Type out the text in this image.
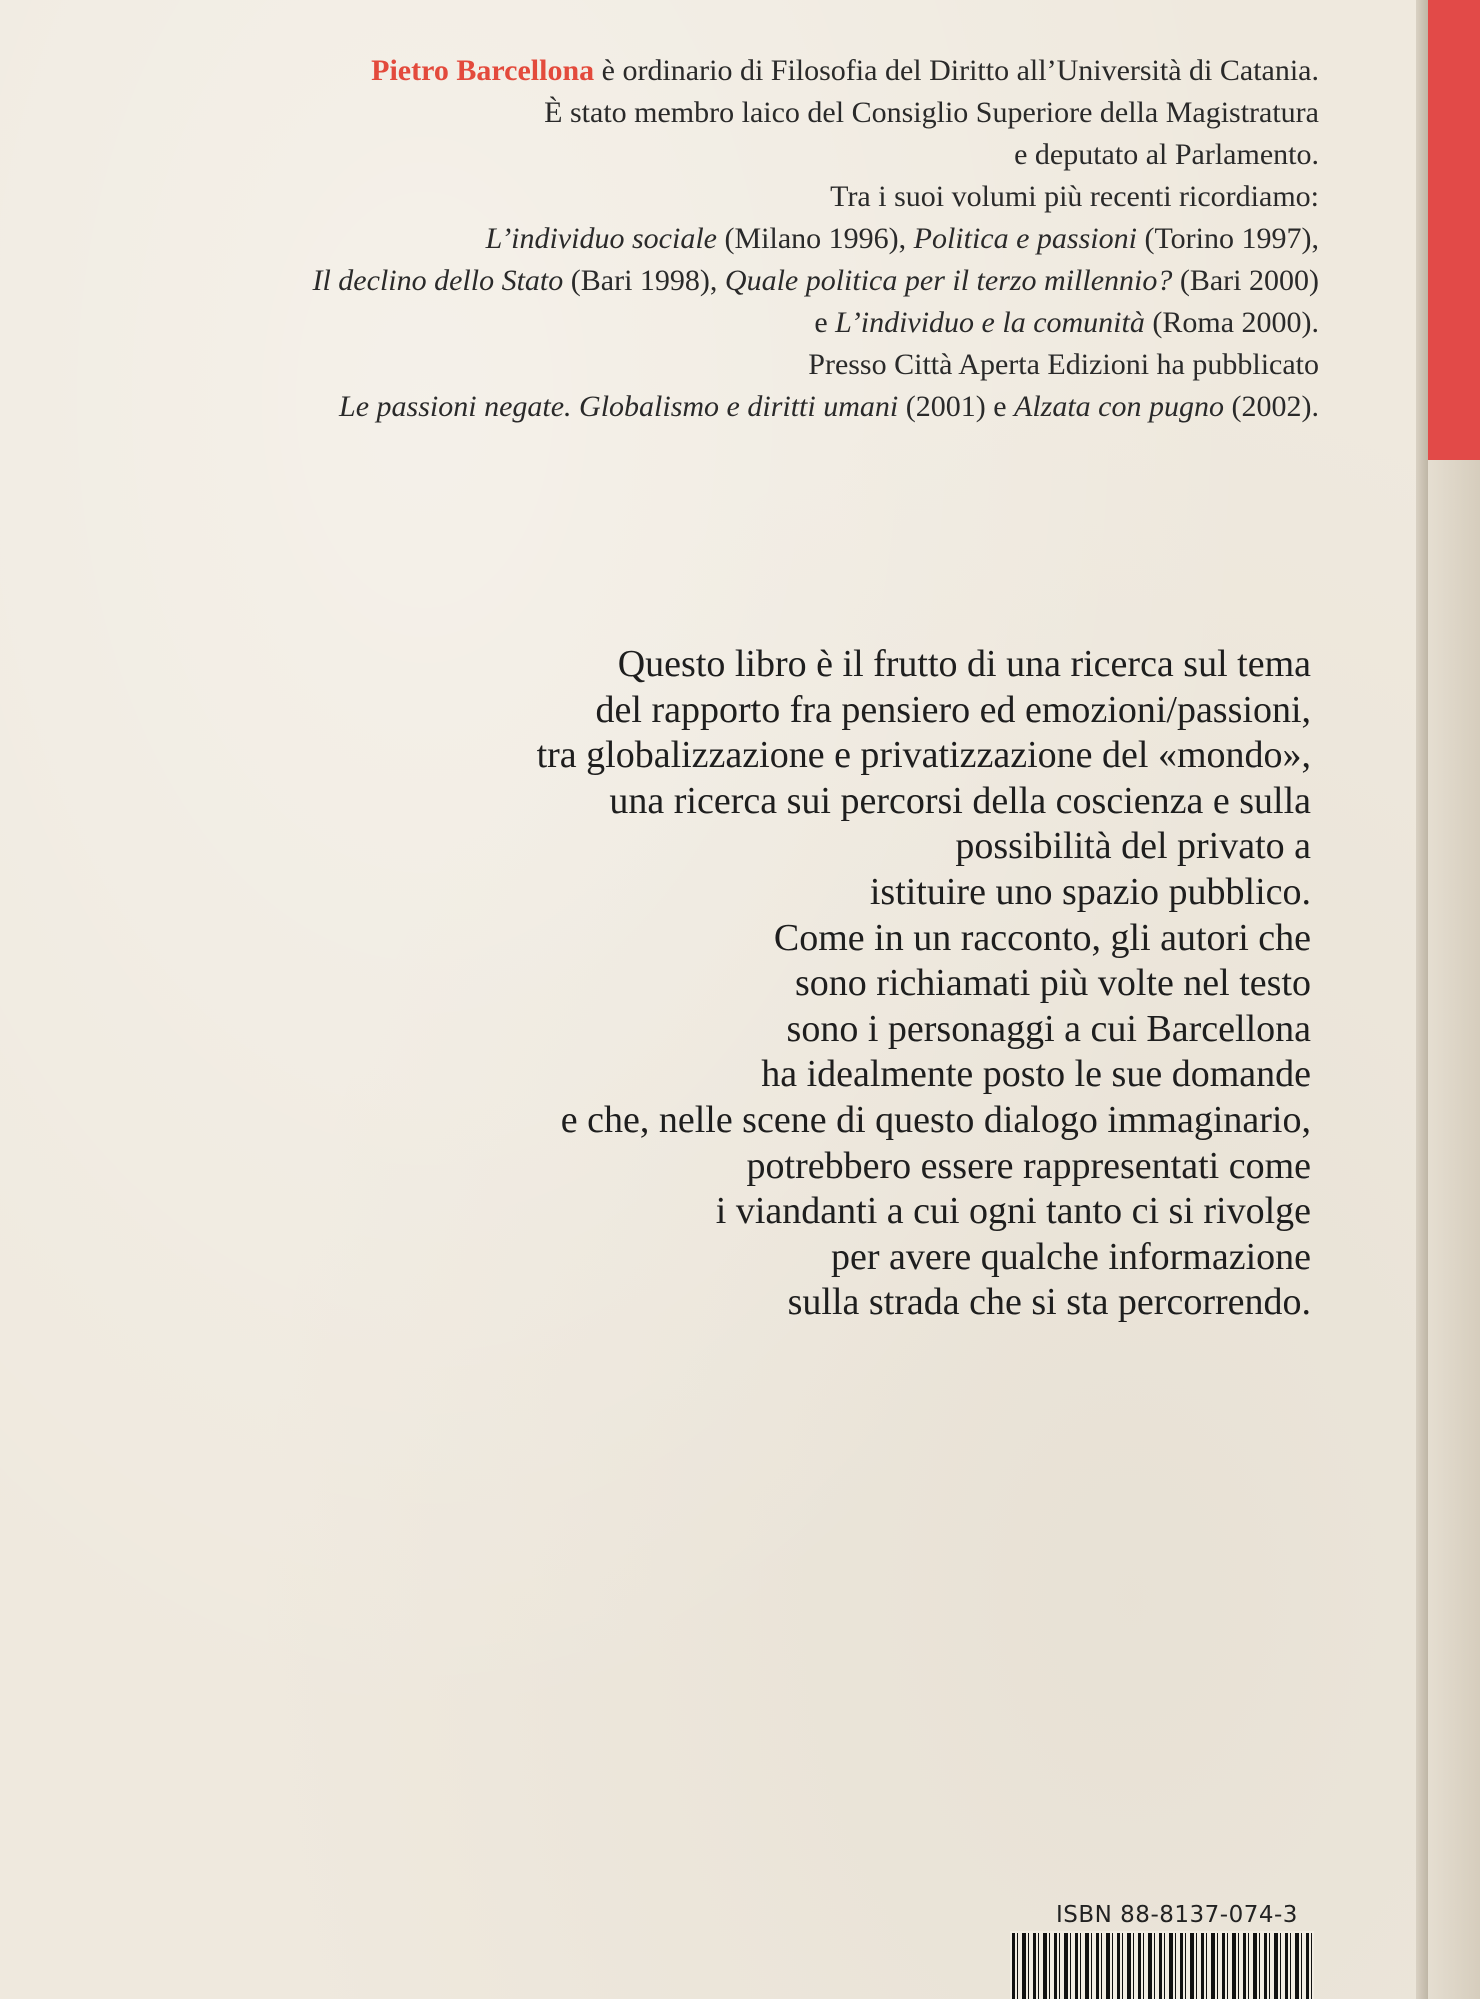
Pietro Barcellona è ordinario di Filosofia del Diritto all’Università di Catania.
È stato membro laico del Consiglio Superiore della Magistratura
e deputato al Parlamento.
Tra i suoi volumi più recenti ricordiamo:
L’individuo sociale (Milano 1996), Politica e passioni (Torino 1997),
Il declino dello Stato (Bari 1998), Quale politica per il terzo millennio? (Bari 2000)
e L’individuo e la comunità (Roma 2000).
Presso Città Aperta Edizioni ha pubblicato
Le passioni negate. Globalismo e diritti umani (2001) e Alzata con pugno (2002).
Questo libro è il frutto di una ricerca sul tema
del rapporto fra pensiero ed emozioni/passioni,
tra globalizzazione e privatizzazione del «mondo»,
una ricerca sui percorsi della coscienza e sulla
possibilità del privato a
istituire uno spazio pubblico.
Come in un racconto, gli autori che
sono richiamati più volte nel testo
sono i personaggi a cui Barcellona
ha idealmente posto le sue domande
e che, nelle scene di questo dialogo immaginario,
potrebbero essere rappresentati come
i viandanti a cui ogni tanto ci si rivolge
per avere qualche informazione
sulla strada che si sta percorrendo.
ISBN 88-8137-074-3
